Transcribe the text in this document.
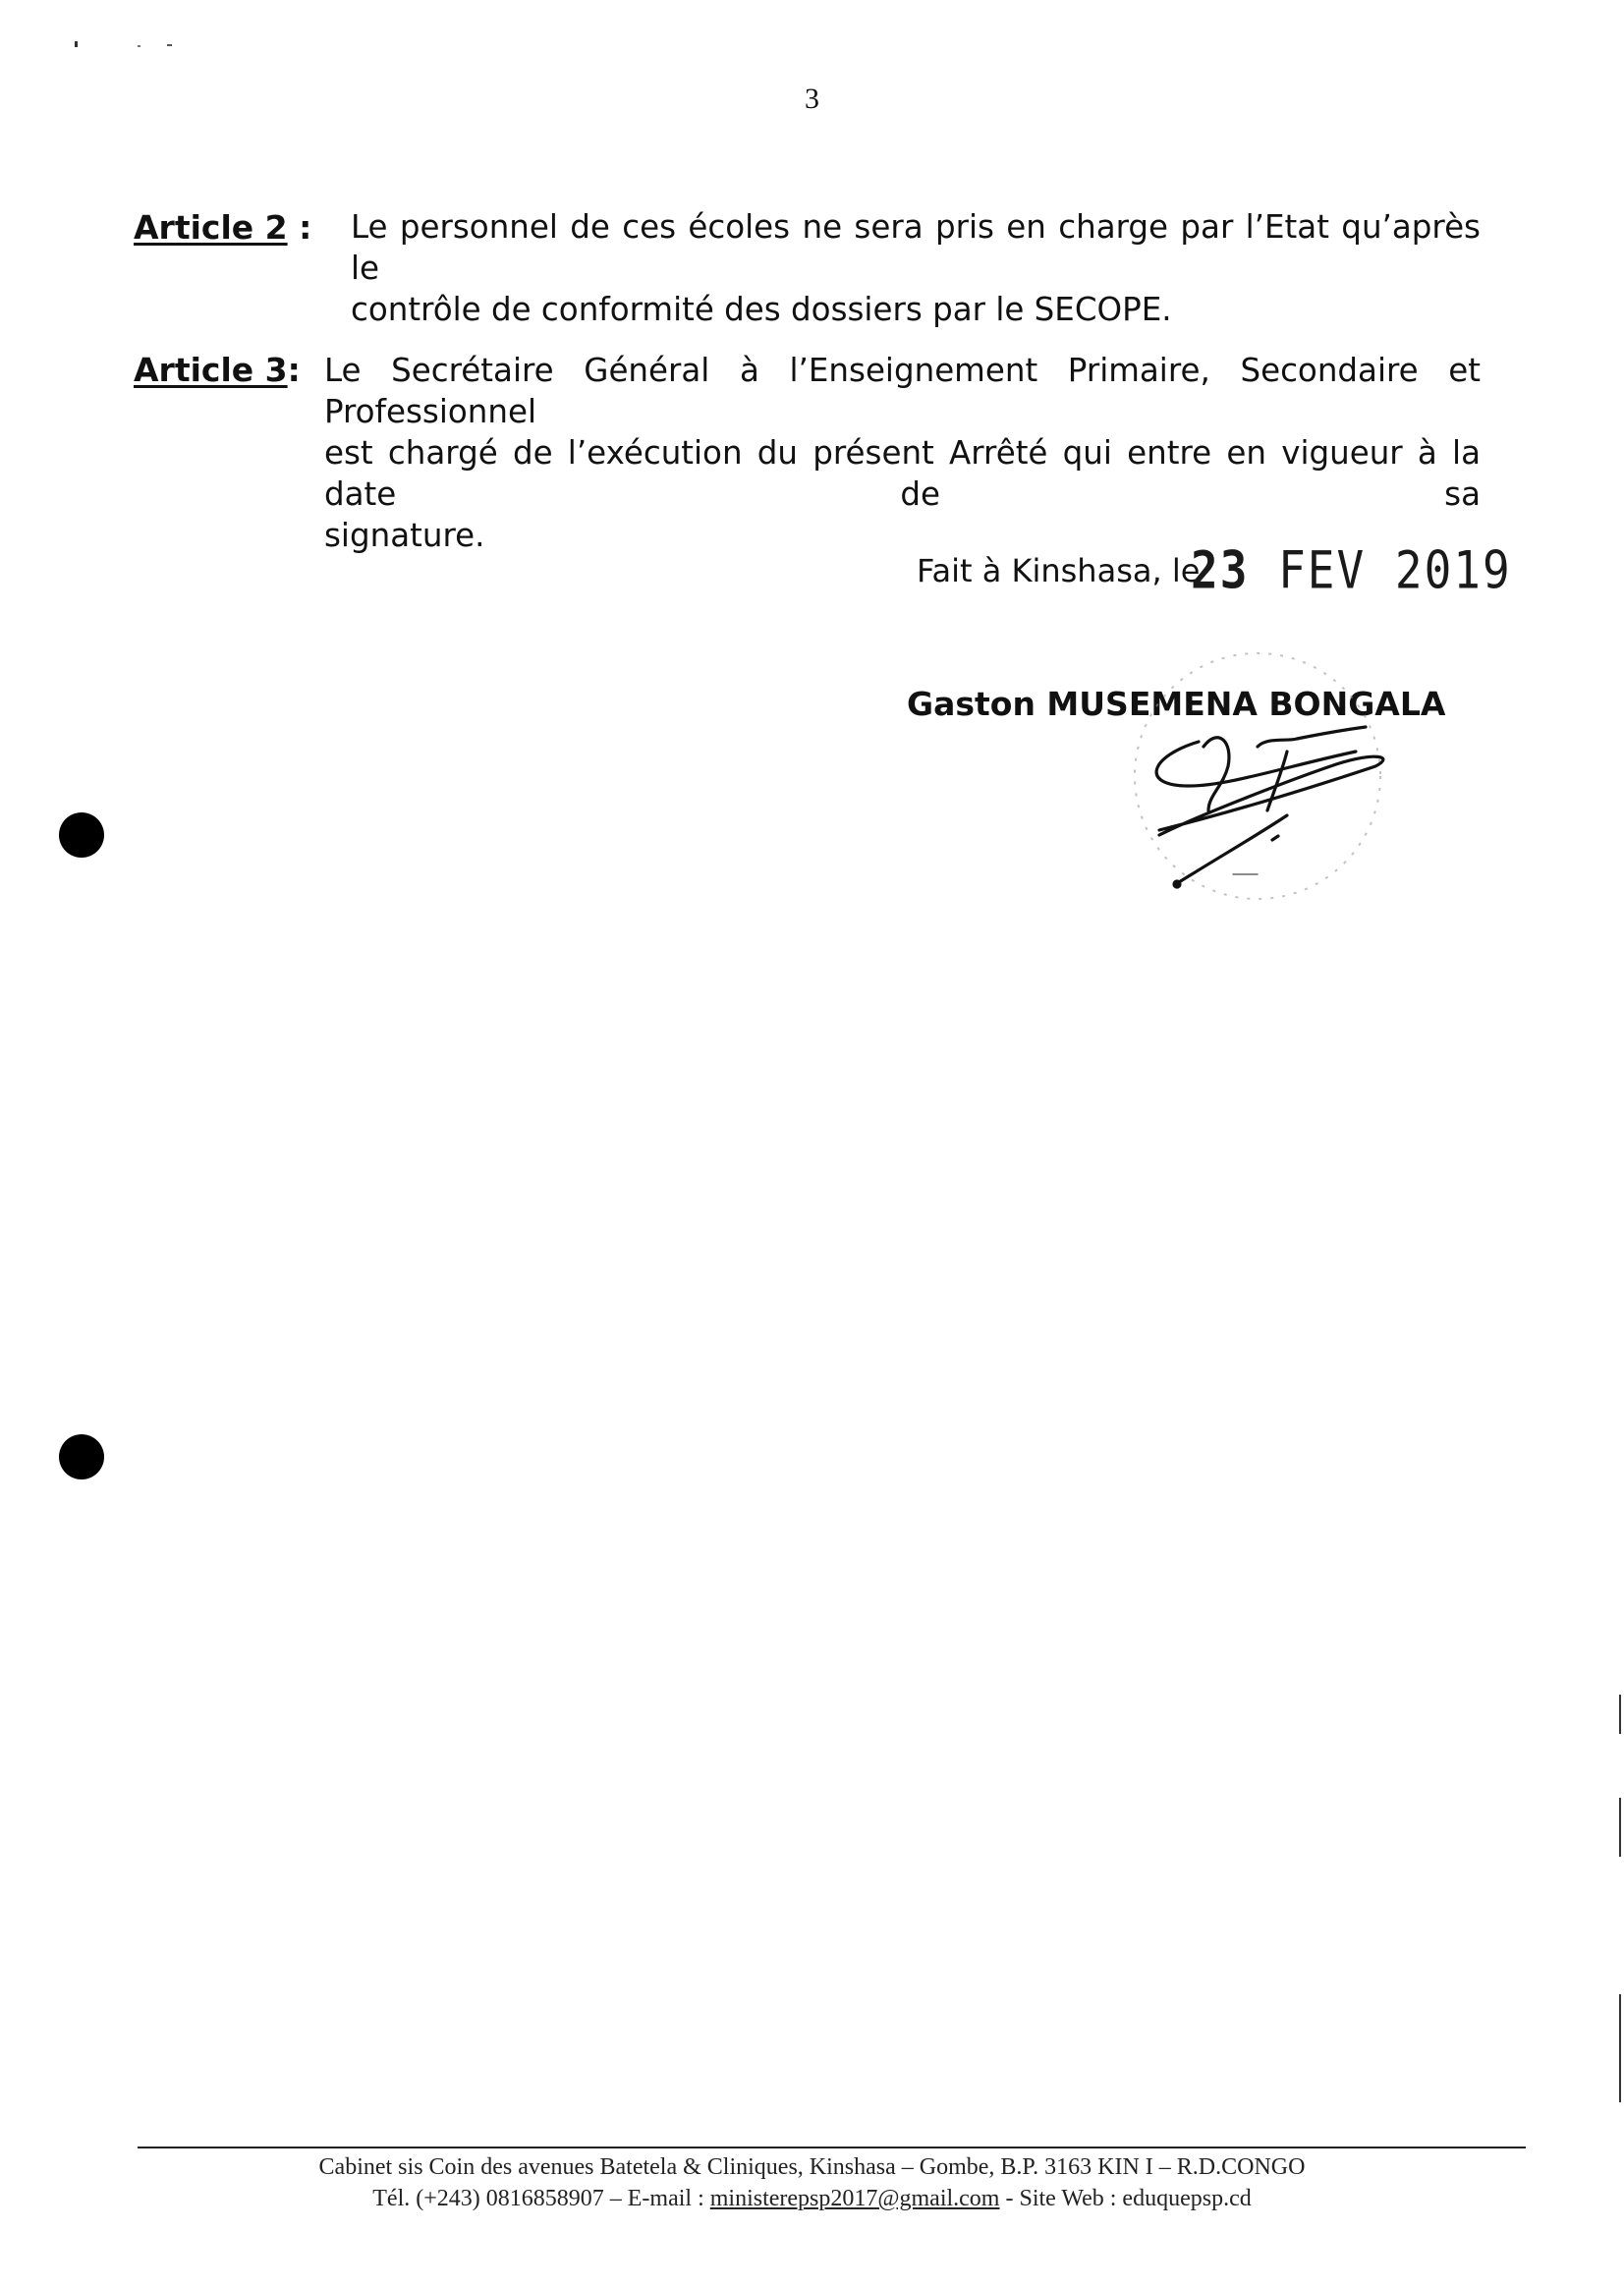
3
Article 2 : Le personnel de ces écoles ne sera pris en charge par l’Etat qu’après le
contrôle de conformité des dossiers par le SECOPE.
Article 3: Le Secrétaire Général à l’Enseignement Primaire, Secondaire et Professionnel
est chargé de l’exécution du présent Arrêté qui entre en vigueur à la date de sa
signature.
Fait à Kinshasa, le
23 FEV 2019
Gaston MUSEMENA BONGALA
Cabinet sis Coin des avenues Batetela & Cliniques, Kinshasa – Gombe, B.P. 3163 KIN I – R.D.CONGO
Tél. (+243) 0816858907 – E-mail : ministerepsp2017@gmail.com - Site Web : eduquepsp.cd
